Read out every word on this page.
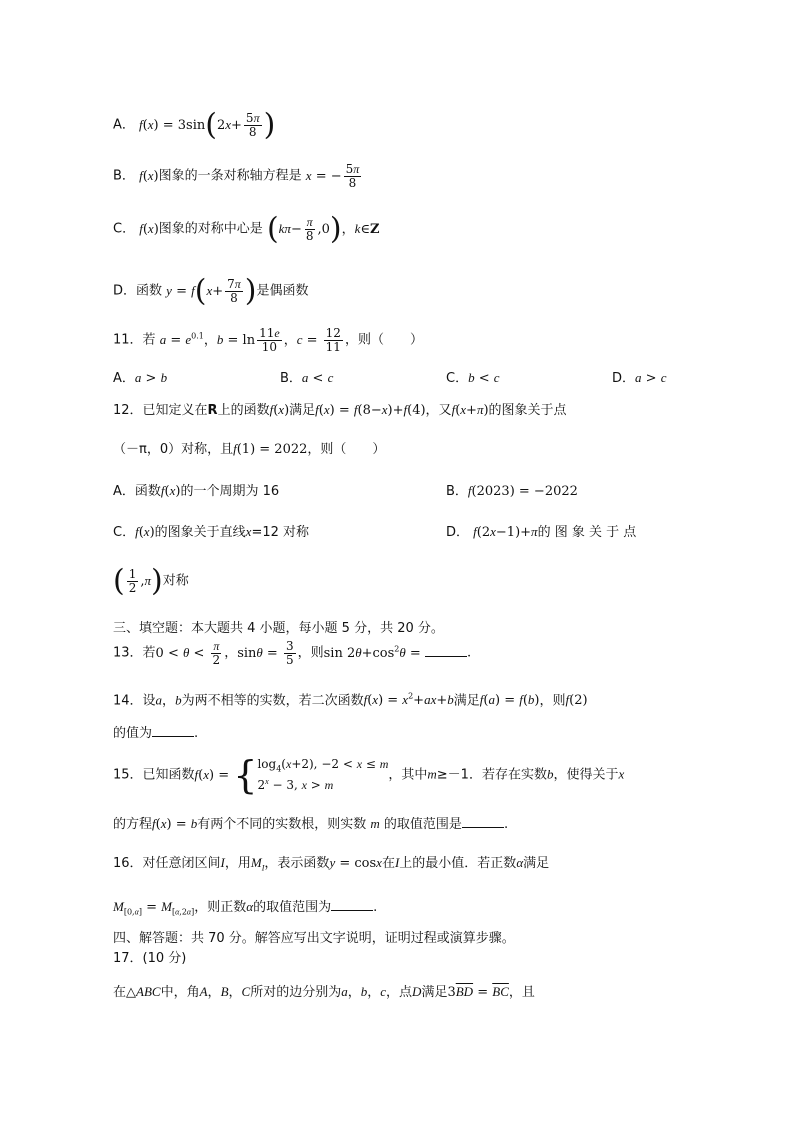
A． $f(x) = 3\sin(2x+ \frac{5\pi}{8}$ )
B． f(x)图象的一条对称轴方程是 x = − $\frac{5\pi}{8}$
C． f(x)图象的对称中心是 $(k\pi- \frac{\pi}{8} ,0)$，k∈Z
D．函数 $y = f(x+ \frac{7\pi}{8}$ )是偶函数
11．若 $a = e^{0.1}$，$b = \ln \frac{11e}{10}$ ，$c = \frac{12}{11}$ ，则（　　）
A．a > b	B．a < c	C．b < c	D．a > c
12．已知定义在R上的函数f(x)满足f(x) = f(8−x)+f(4)，又f(x+π)的图象关于点
（－π，0）对称，且f(1) = 2022，则（　　）
A．函数f(x)的一个周期为 16	B．f(2023) = −2022
C．f(x)的图象关于直线x=12 对称	D． f(2x−1)+π的 图 象 关 于 点
( $\frac{1}{2} ,\pi$)对称
三、填空题：本大题共 4 小题，每小题 5 分，共 20 分。
13．若$0 < \theta < \frac{\pi}{2}$ ，$\sin\theta = \frac{3}{5}$ ，则$\sin 2\theta+\cos^2\theta$ =	.
14．设a，b为两不相等的实数，若二次函数$f(x) = x^2+ax+b$满足f(a) = f(b)，则f(2)
的值为	.
15．已知函数f(x) = { $\log_4(x+2)$, −2 < x ≤ m
$2^x - 3$, x > m
，其中m≥－1．若存在实数b，使得关于x
的方程f(x) = b有两个不同的实数根，则实数 m 的取值范围是	.
16．对任意闭区间I，用$M_I$，表示函数y = cosx在I上的最小值．若正数α满足
$M_{[0,\alpha]} = M_{[\alpha,2\alpha]}$，则正数α的取值范围为	.
四、解答题：共 70 分。解答应写出文字说明，证明过程或演算步骤。
17．(10 分)
在△ABC中，角A，B，C所对的边分别为a，b，c，点D满足$3\overline{BD} = \overline{BC}$，且
